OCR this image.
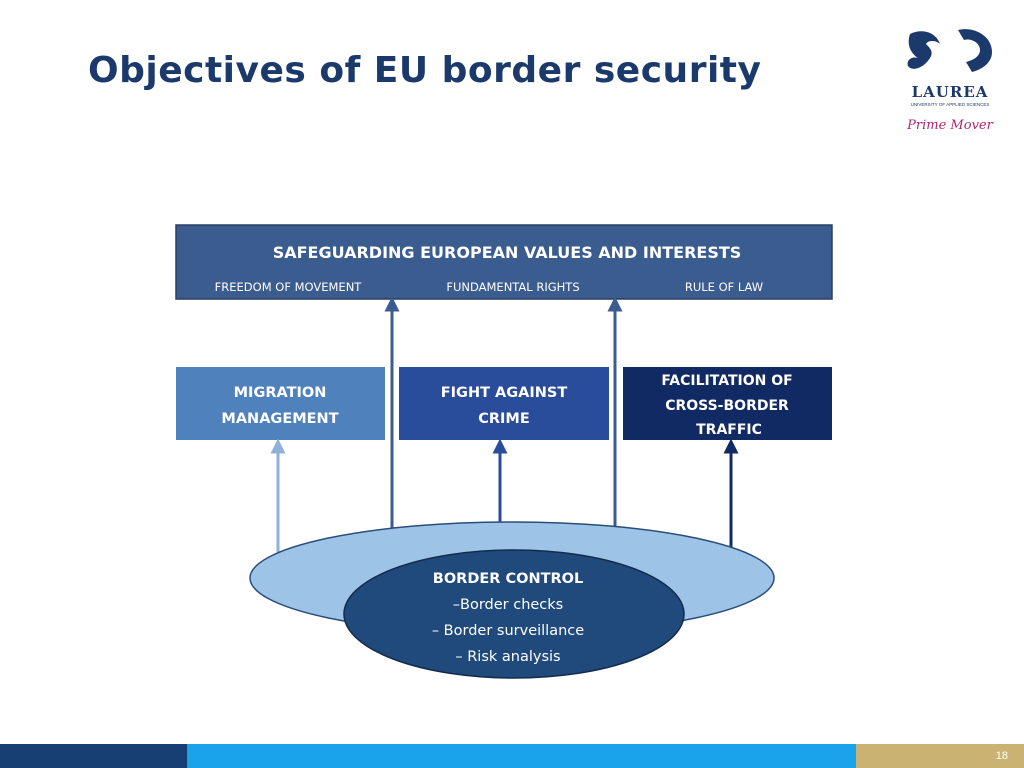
Objectives of EU border security
LAUREA
UNIVERSITY OF APPLIED SCIENCES
Prime Mover
SAFEGUARDING EUROPEAN VALUES AND INTERESTS
FREEDOM OF MOVEMENT	FUNDAMENTAL RIGHTS	RULE OF LAW
MIGRATION
MANAGEMENT
FIGHT AGAINST
CRIME
FACILITATION OF
CROSS-BORDER
TRAFFIC
BORDER CONTROL
–Border checks
– Border surveillance
– Risk analysis
18
